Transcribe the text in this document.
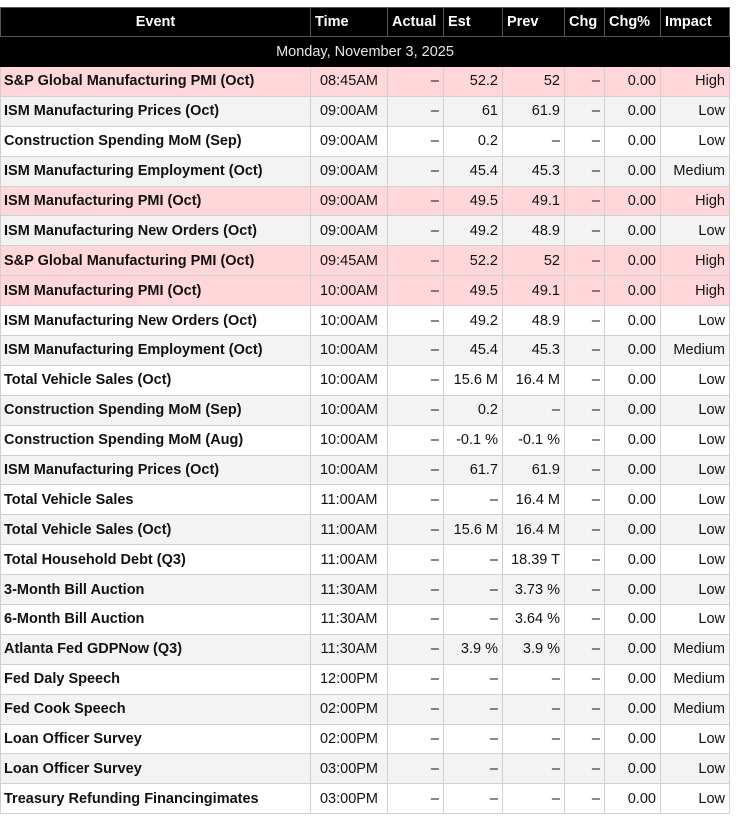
Event	Time	Actual	Est	Prev	Chg	Chg%	Impact
Monday, November 3, 2025							
S&P Global Manufacturing PMI (Oct)	08:45AM	–	52.2	52	–	0.00	High
ISM Manufacturing Prices (Oct)	09:00AM	–	61	61.9	–	0.00	Low
Construction Spending MoM (Sep)	09:00AM	–	0.2	–	–	0.00	Low
ISM Manufacturing Employment (Oct)	09:00AM	–	45.4	45.3	–	0.00	Medium
ISM Manufacturing PMI (Oct)	09:00AM	–	49.5	49.1	–	0.00	High
ISM Manufacturing New Orders (Oct)	09:00AM	–	49.2	48.9	–	0.00	Low
S&P Global Manufacturing PMI (Oct)	09:45AM	–	52.2	52	–	0.00	High
ISM Manufacturing PMI (Oct)	10:00AM	–	49.5	49.1	–	0.00	High
ISM Manufacturing New Orders (Oct)	10:00AM	–	49.2	48.9	–	0.00	Low
ISM Manufacturing Employment (Oct)	10:00AM	–	45.4	45.3	–	0.00	Medium
Total Vehicle Sales (Oct)	10:00AM	–	15.6 M	16.4 M	–	0.00	Low
Construction Spending MoM (Sep)	10:00AM	–	0.2	–	–	0.00	Low
Construction Spending MoM (Aug)	10:00AM	–	-0.1 %	-0.1 %	–	0.00	Low
ISM Manufacturing Prices (Oct)	10:00AM	–	61.7	61.9	–	0.00	Low
Total Vehicle Sales	11:00AM	–	–	16.4 M	–	0.00	Low
Total Vehicle Sales (Oct)	11:00AM	–	15.6 M	16.4 M	–	0.00	Low
Total Household Debt (Q3)	11:00AM	–	–	18.39 T	–	0.00	Low
3-Month Bill Auction	11:30AM	–	–	3.73 %	–	0.00	Low
6-Month Bill Auction	11:30AM	–	–	3.64 %	–	0.00	Low
Atlanta Fed GDPNow (Q3)	11:30AM	–	3.9 %	3.9 %	–	0.00	Medium
Fed Daly Speech	12:00PM	–	–	–	–	0.00	Medium
Fed Cook Speech	02:00PM	–	–	–	–	0.00	Medium
Loan Officer Survey	02:00PM	–	–	–	–	0.00	Low
Loan Officer Survey	03:00PM	–	–	–	–	0.00	Low
Treasury Refunding Financingimates	03:00PM	–	–	–	–	0.00	Low
